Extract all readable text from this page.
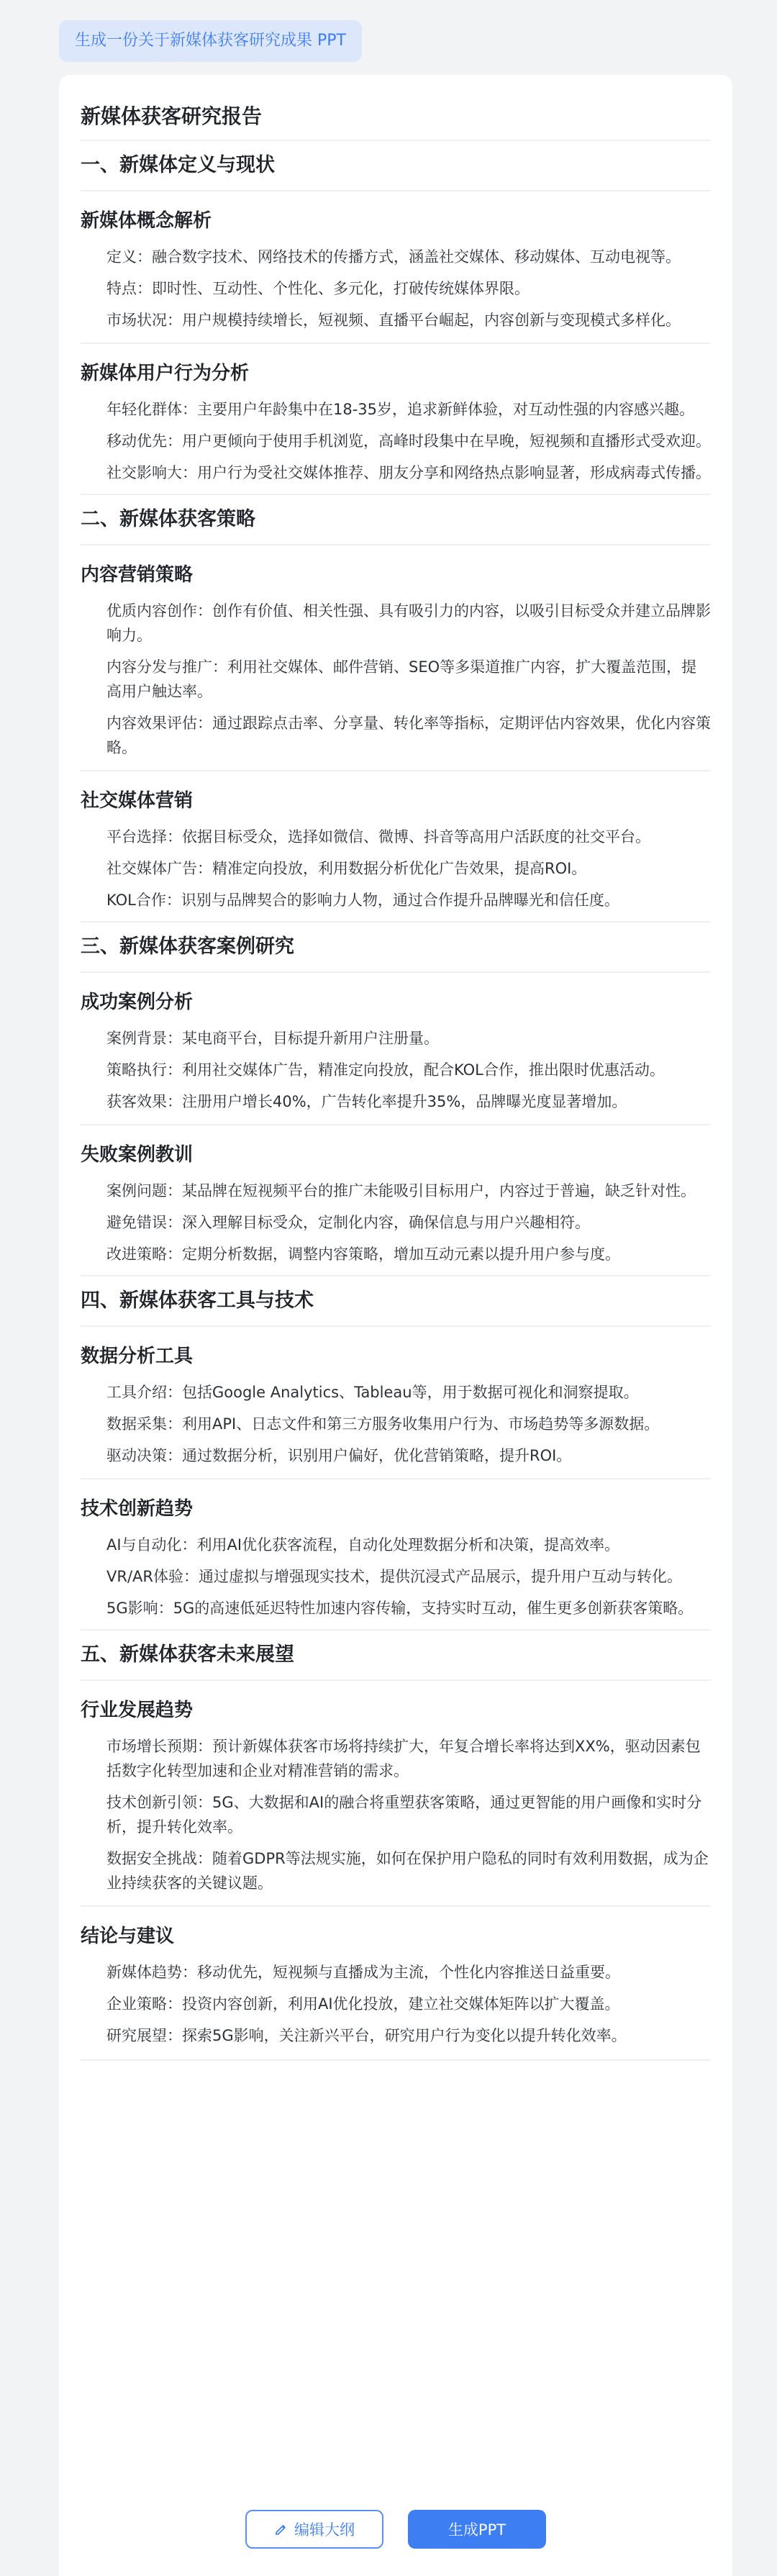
生成一份关于新媒体获客研究成果 PPT
新媒体获客研究报告
一、新媒体定义与现状
新媒体概念解析
定义：融合数字技术、网络技术的传播方式，涵盖社交媒体、移动媒体、互动电视等。
特点：即时性、互动性、个性化、多元化，打破传统媒体界限。
市场状况：用户规模持续增长，短视频、直播平台崛起，内容创新与变现模式多样化。
新媒体用户行为分析
年轻化群体：主要用户年龄集中在18-35岁，追求新鲜体验，对互动性强的内容感兴趣。
移动优先：用户更倾向于使用手机浏览，高峰时段集中在早晚，短视频和直播形式受欢迎。
社交影响大：用户行为受社交媒体推荐、朋友分享和网络热点影响显著，形成病毒式传播。
二、新媒体获客策略
内容营销策略
优质内容创作：创作有价值、相关性强、具有吸引力的内容，以吸引目标受众并建立品牌影响力。
内容分发与推广：利用社交媒体、邮件营销、SEO等多渠道推广内容，扩大覆盖范围，提高用户触达率。
内容效果评估：通过跟踪点击率、分享量、转化率等指标，定期评估内容效果，优化内容策略。
社交媒体营销
平台选择：依据目标受众，选择如微信、微博、抖音等高用户活跃度的社交平台。
社交媒体广告：精准定向投放，利用数据分析优化广告效果，提高ROI。
KOL合作：识别与品牌契合的影响力人物，通过合作提升品牌曝光和信任度。
三、新媒体获客案例研究
成功案例分析
案例背景：某电商平台，目标提升新用户注册量。
策略执行：利用社交媒体广告，精准定向投放，配合KOL合作，推出限时优惠活动。
获客效果：注册用户增长40%，广告转化率提升35%，品牌曝光度显著增加。
失败案例教训
案例问题：某品牌在短视频平台的推广未能吸引目标用户，内容过于普遍，缺乏针对性。
避免错误：深入理解目标受众，定制化内容，确保信息与用户兴趣相符。
改进策略：定期分析数据，调整内容策略，增加互动元素以提升用户参与度。
四、新媒体获客工具与技术
数据分析工具
工具介绍：包括Google Analytics、Tableau等，用于数据可视化和洞察提取。
数据采集：利用API、日志文件和第三方服务收集用户行为、市场趋势等多源数据。
驱动决策：通过数据分析，识别用户偏好，优化营销策略，提升ROI。
技术创新趋势
AI与自动化：利用AI优化获客流程，自动化处理数据分析和决策，提高效率。
VR/AR体验：通过虚拟与增强现实技术，提供沉浸式产品展示，提升用户互动与转化。
5G影响：5G的高速低延迟特性加速内容传输，支持实时互动，催生更多创新获客策略。
五、新媒体获客未来展望
行业发展趋势
市场增长预期：预计新媒体获客市场将持续扩大，年复合增长率将达到XX%，驱动因素包括数字化转型加速和企业对精准营销的需求。
技术创新引领：5G、大数据和AI的融合将重塑获客策略，通过更智能的用户画像和实时分析，提升转化效率。
数据安全挑战：随着GDPR等法规实施，如何在保护用户隐私的同时有效利用数据，成为企业持续获客的关键议题。
结论与建议
新媒体趋势：移动优先，短视频与直播成为主流，个性化内容推送日益重要。
企业策略：投资内容创新，利用AI优化投放，建立社交媒体矩阵以扩大覆盖。
研究展望：探索5G影响，关注新兴平台，研究用户行为变化以提升转化效率。
编辑大纲	生成PPT
